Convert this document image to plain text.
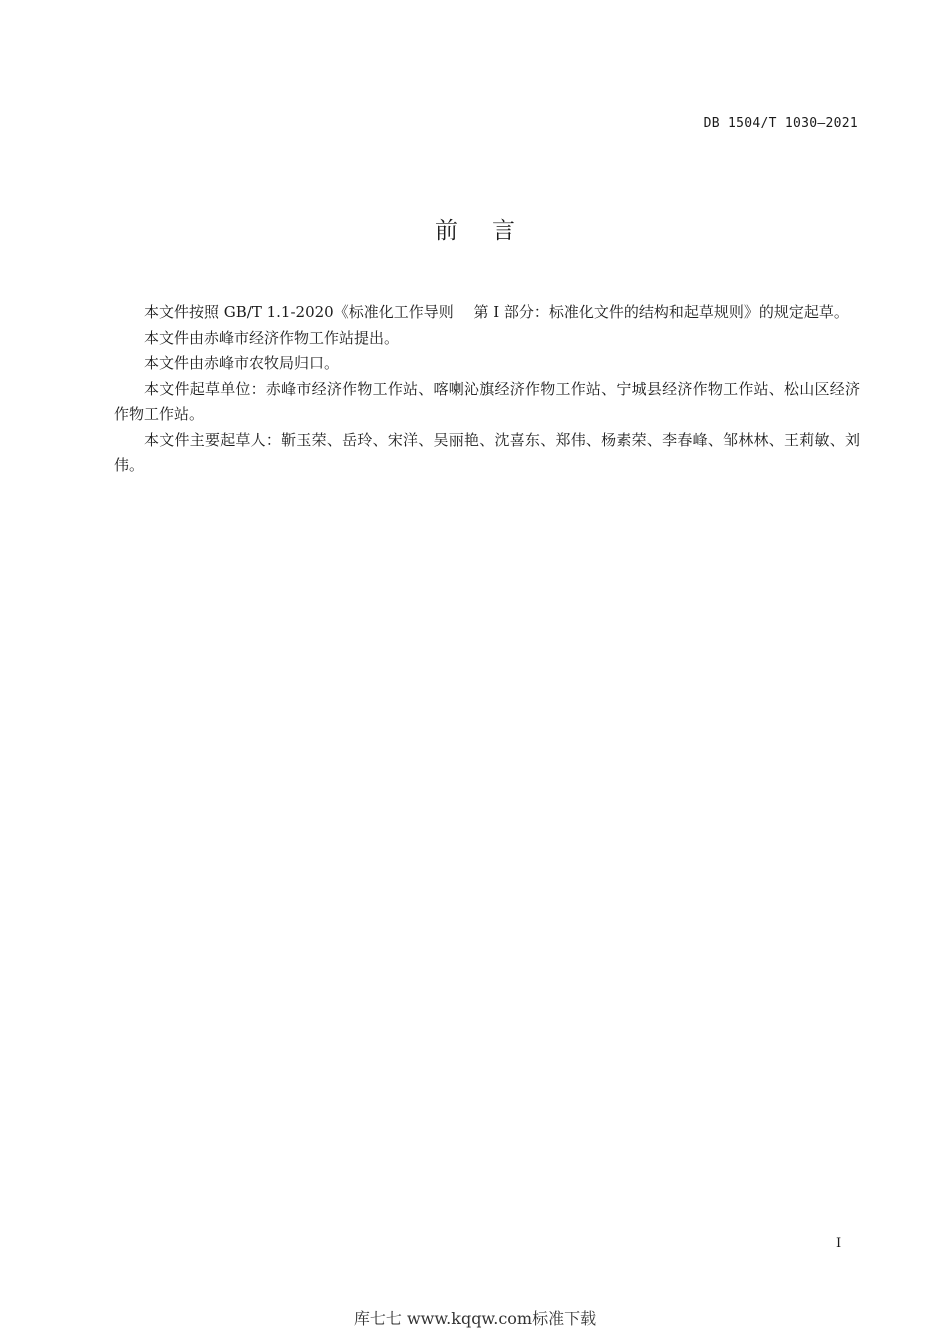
DB 1504/T 1030—2021
前言

本文件按照 GB/T 1.1-2020《标准化工作导则　 第 I 部分：标准化文件的结构和起草规则》的规定起草。

本文件由赤峰市经济作物工作站提出。

本文件由赤峰市农牧局归口。

本文件起草单位：赤峰市经济作物工作站、喀喇沁旗经济作物工作站、宁城县经济作物工作站、松山区经济作物工作站。

本文件主要起草人：靳玉荣、岳玲、宋洋、吴丽艳、沈喜东、郑伟、杨素荣、李春峰、邹林林、王莉敏、刘伟。

I
库七七 www.kqqw.com标准下载
